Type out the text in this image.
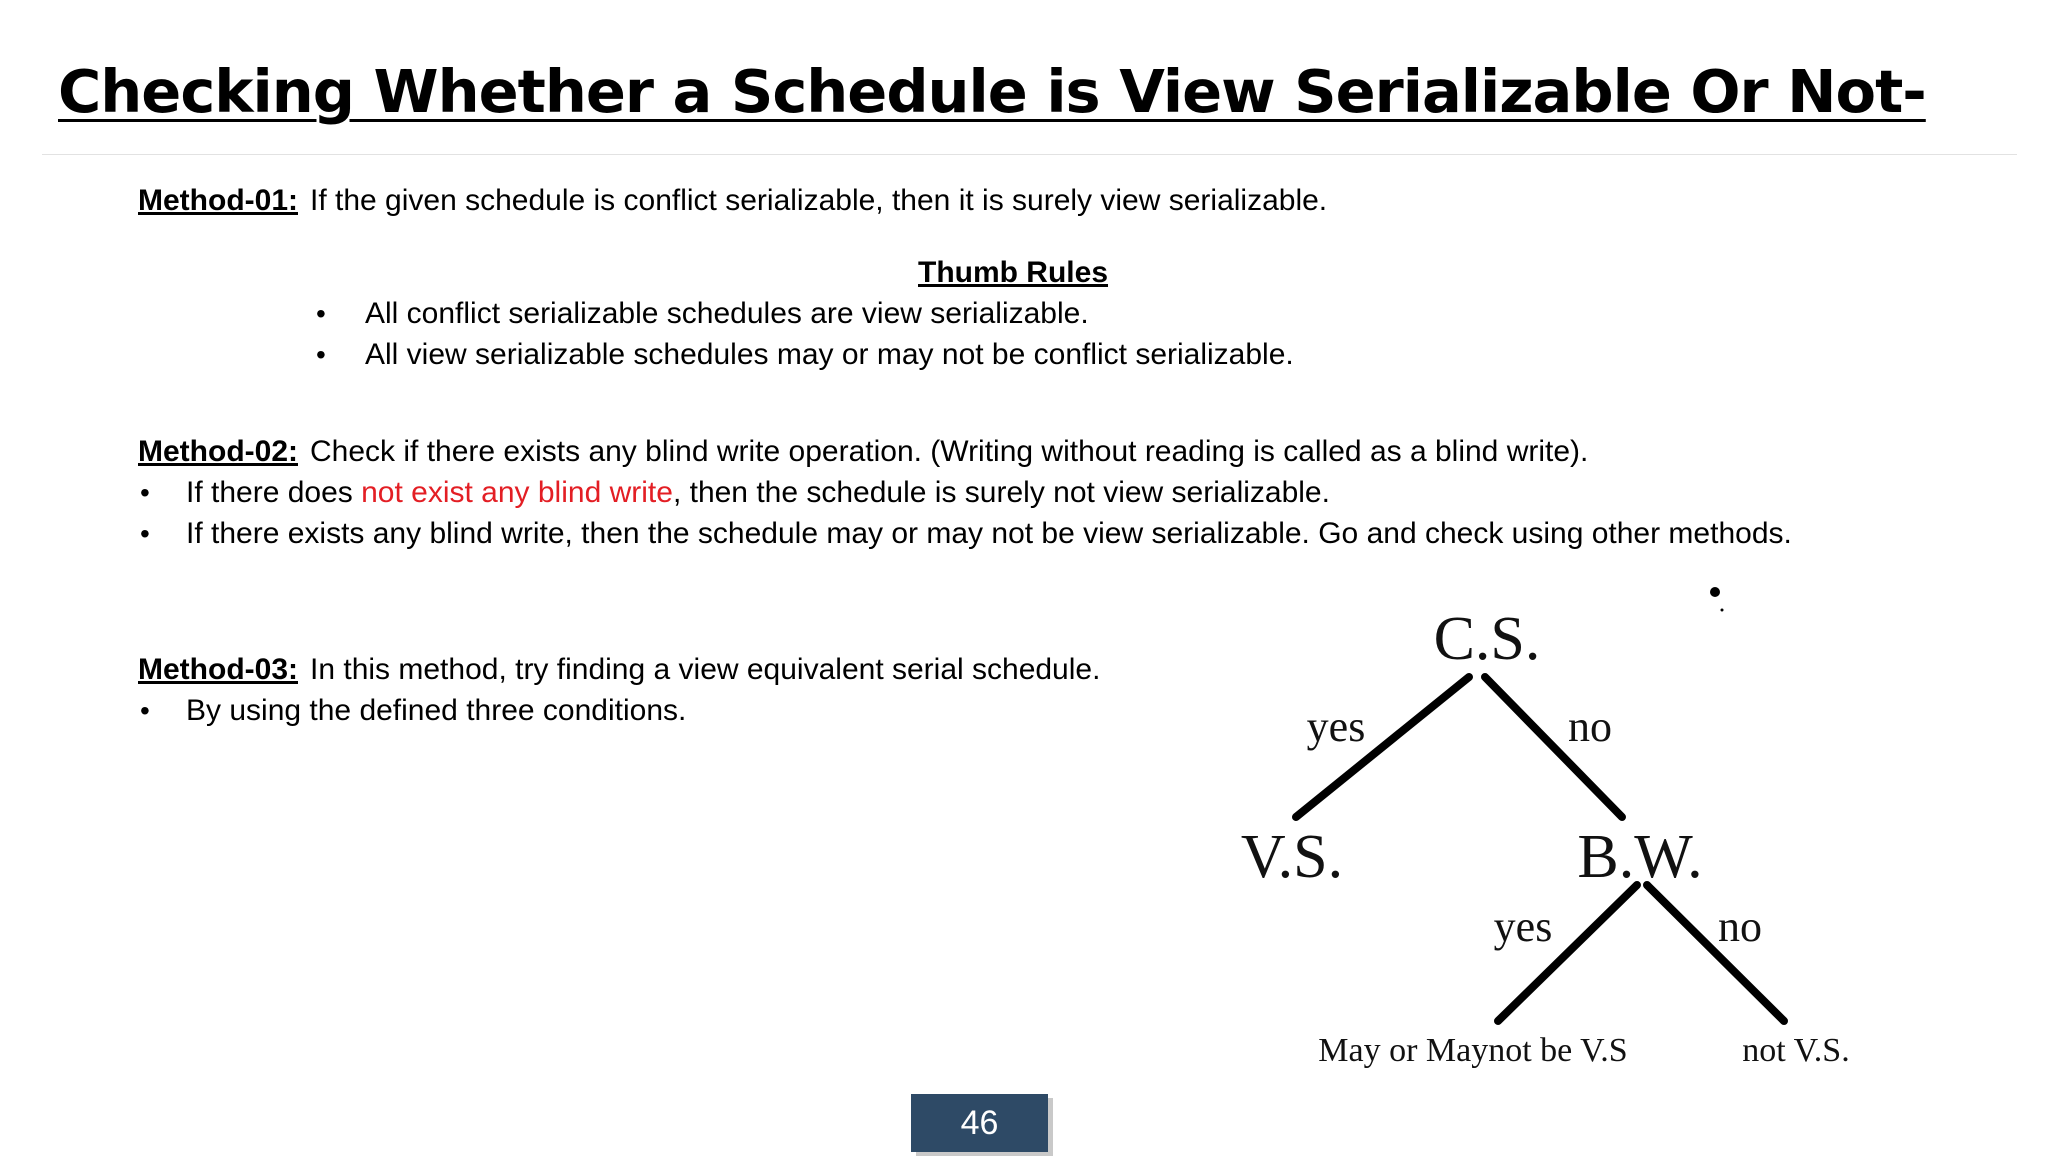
Checking Whether a Schedule is View Serializable Or Not-
Method-01: If the given schedule is conflict serializable, then it is surely view serializable.
Thumb Rules
• All conflict serializable schedules are view serializable.
• All view serializable schedules may or may not be conflict serializable.
Method-02: Check if there exists any blind write operation. (Writing without reading is called as a blind write).
• If there does not exist any blind write, then the schedule is surely not view serializable.
• If there exists any blind write, then the schedule may or may not be view serializable. Go and check using other methods.
Method-03: In this method, try finding a view equivalent serial schedule.
• By using the defined three conditions.
C.S.
yes	no
V.S.	B.W.
yes	no
May or Maynot be V.S	not V.S.
46
